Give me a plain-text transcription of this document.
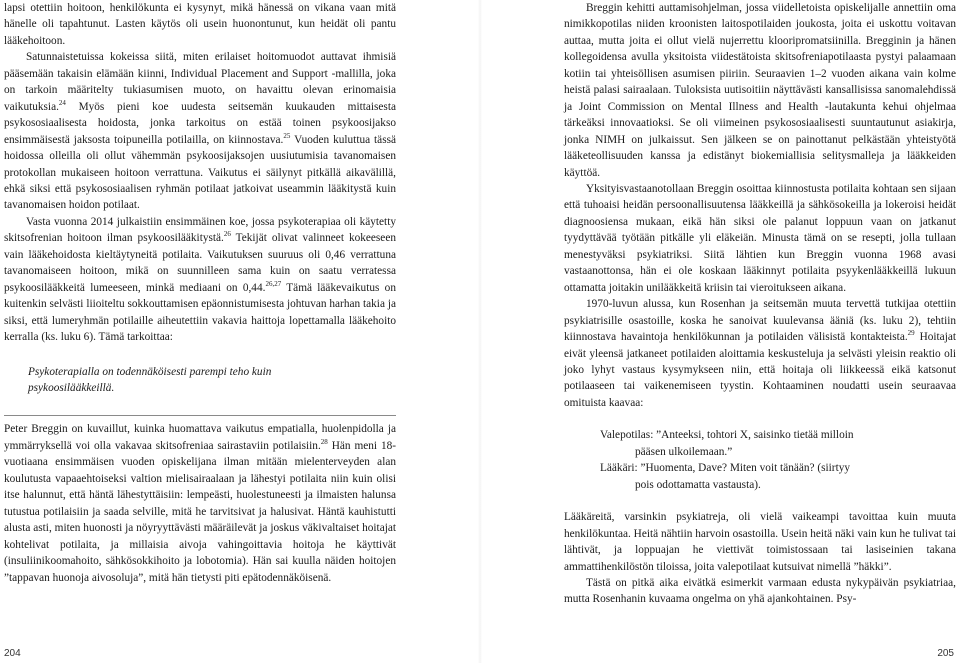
lapsi otettiin hoitoon, henkilökunta ei kysynyt, mikä hänessä on vikana vaan mitä hänelle oli tapahtunut. Lasten käytös oli usein huonontunut, kun heidät oli pantu lääkehoitoon.

Satunnaistetuissa kokeissa siitä, miten erilaiset hoitomuodot auttavat ihmisiä pääsemään takaisin elämään kiinni, Individual Placement and Support -mallilla, joka on tarkoin määritelty tukiasumisen muoto, on havaittu olevan erinomaisia vaikutuksia.$^{24}$ Myös pieni koe uudesta seitsemän kuukauden mittaisesta psykososiaalisesta hoidosta, jonka tarkoitus on estää toinen psykoosijakso ensimmäisestä jaksosta toipuneilla potilailla, on kiinnostava.$^{25}$ Vuoden kuluttua tässä hoidossa olleilla oli ollut vähemmän psykoosijaksojen uusiutumisia tavanomaisen protokollan mukaiseen hoitoon verrattuna. Vaikutus ei säilynyt pitkällä aikavälillä, ehkä siksi että psykososiaalisen ryhmän potilaat jatkoivat useammin lääkitystä kuin tavanomaisen hoidon potilaat.

Vasta vuonna 2014 julkaistiin ensimmäinen koe, jossa psykoterapiaa oli käytetty skitsofrenian hoitoon ilman psykoosilääkitystä.$^{26}$ Tekijät olivat valinneet kokeeseen vain lääkehoidosta kieltäytyneitä potilaita. Vaikutuksen suuruus oli 0,46 verrattuna tavanomaiseen hoitoon, mikä on suunnilleen sama kuin on saatu verratessa psykoosilääkkeitä lumeeseen, minkä mediaani on 0,44.$^{26,27}$ Tämä lääkevaikutus on kuitenkin selvästi liioiteltu sokkouttamisen epäonnistumisesta johtuvan harhan takia ja siksi, että lumeryhmän potilaille aiheutettiin vakavia haittoja lopettamalla lääkehoito kerralla (ks. luku 6). Tämä tarkoittaa:

Psykoterapialla on todennäköisesti parempi teho kuin
psykoosilääkkeillä.

Peter Breggin on kuvaillut, kuinka huomattava vaikutus empatialla, huolenpidolla ja ymmärryksellä voi olla vakavaa skitsofreniaa sairastaviin potilaisiin.$^{28}$ Hän meni 18-vuotiaana ensimmäisen vuoden opiskelijana ilman mitään mielenterveyden alan koulutusta vapaaehtoiseksi valtion mielisairaalaan ja lähestyi potilaita niin kuin olisi itse halunnut, että häntä lähestyttäisiin: lempeästi, huolestuneesti ja ilmaisten halunsa tutustua potilaisiin ja saada selville, mitä he tarvitsivat ja halusivat. Häntä kauhistutti alusta asti, miten huonosti ja nöyryyttävästi määräilevät ja joskus väkivaltaiset hoitajat kohtelivat potilaita, ja millaisia aivoja vahingoittavia hoitoja he käyttivät (insuliinikoomahoito, sähkösokkihoito ja lobotomia). Hän sai kuulla näiden hoitojen ”tappavan huonoja aivosoluja”, mitä hän tietysti piti epätodennäköisenä.

Breggin kehitti auttamisohjelman, jossa viidelletoista opiskelijalle annettiin oma nimikkopotilas niiden kroonisten laitospotilaiden joukosta, joita ei uskottu voitavan auttaa, mutta joita ei ollut vielä nujerrettu klooripromatsiinilla. Bregginin ja hänen kollegoidensa avulla yksitoista viidestätoista skitsofreniapotilaasta pystyi palaamaan kotiin tai yhteisöllisen asumisen piiriin. Seuraavien 1–2 vuoden aikana vain kolme heistä palasi sairaalaan. Tuloksista uutisoitiin näyttävästi kansallisissa sanomalehdissä ja Joint Commission on Mental Illness and Health -lautakunta kehui ohjelmaa tärkeäksi innovaatioksi. Se oli viimeinen psykososiaalisesti suuntautunut asiakirja, jonka NIMH on julkaissut. Sen jälkeen se on painottanut pelkästään yhteistyötä lääketeollisuuden kanssa ja edistänyt biokemiallisia selitysmalleja ja lääkkeiden käyttöä.

Yksityisvastaanotollaan Breggin osoittaa kiinnostusta potilaita kohtaan sen sijaan että tuhoaisi heidän persoonallisuutensa lääkkeillä ja sähkösokeilla ja lokeroisi heidät diagnoosiensa mukaan, eikä hän siksi ole palanut loppuun vaan on jatkanut tyydyttävää työtään pitkälle yli eläkeiän. Minusta tämä on se resepti, jolla tullaan menestyväksi psykiatriksi. Siitä lähtien kun Breggin vuonna 1968 avasi vastaanottonsa, hän ei ole koskaan lääkinnyt potilaita psyykenlääkkeillä lukuun ottamatta joitakin unilääkkeitä kriisin tai vieroitukseen aikana.

1970-luvun alussa, kun Rosenhan ja seitsemän muuta tervettä tutkijaa otettiin psykiatrisille osastoille, koska he sanoivat kuulevansa ääniä (ks. luku 2), tehtiin kiinnostava havaintoja henkilökunnan ja potilaiden välisistä kontakteista.$^{29}$ Hoitajat eivät yleensä jatkaneet potilaiden aloittamia keskusteluja ja selvästi yleisin reaktio oli joko lyhyt vastaus kysymykseen niin, että hoitaja oli liikkeessä eikä katsonut potilaaseen tai vaikenemiseen tyystin. Kohtaaminen noudatti usein seuraavaa omituista kaavaa:

Valepotilas: ”Anteeksi, tohtori X, saisinko tietää milloin
pääsen ulkoilemaan.”
Lääkäri: ”Huomenta, Dave? Miten voit tänään? (siirtyy
pois odottamatta vastausta).

Lääkäreitä, varsinkin psykiatreja, oli vielä vaikeampi tavoittaa kuin muuta henkilökuntaa. Heitä nähtiin harvoin osastoilla. Usein heitä näki vain kun he tulivat tai lähtivät, ja loppuajan he viettivät toimistossaan tai lasiseinien takana ammattihenkilöstön tiloissa, joita valepotilaat kutsuivat nimellä ”häkki”.

Tästä on pitkä aika eivätkä esimerkit varmaan edusta nykypäivän psykiatriaa, mutta Rosenhanin kuvaama ongelma on yhä ajankohtainen. Psy-

204	205
